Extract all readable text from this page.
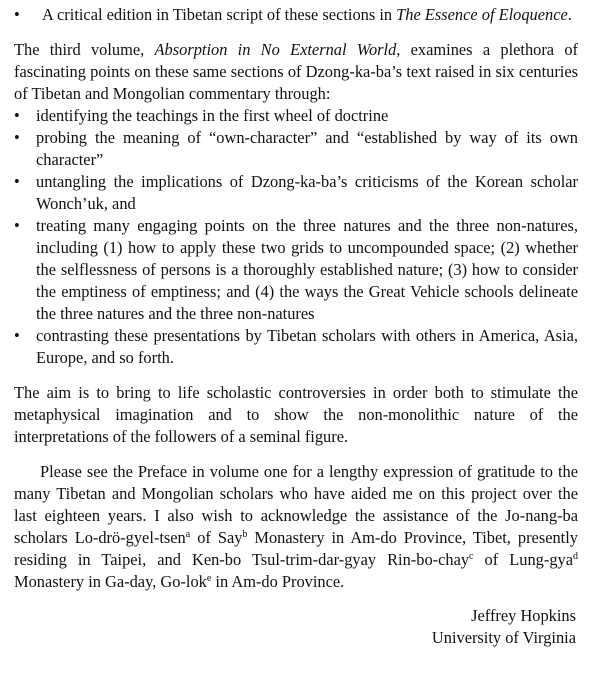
• A critical edition in Tibetan script of these sections in The Essence of Eloquence.

The third volume, Absorption in No External World, examines a plethora of fascinating points on these same sections of Dzong-ka-ba’s text raised in six centuries of Tibetan and Mongolian commentary through:

• identifying the teachings in the first wheel of doctrine
• probing the meaning of “own-character” and “established by way of its own character”
• untangling the implications of Dzong-ka-ba’s criticisms of the Korean scholar Wonch’uk, and
• treating many engaging points on the three natures and the three non-natures, including (1) how to apply these two grids to uncompounded space; (2) whether the selflessness of persons is a thoroughly established nature; (3) how to consider the emptiness of emptiness; and (4) the ways the Great Vehicle schools delineate the three natures and the three non-natures
• contrasting these presentations by Tibetan scholars with others in America, Asia, Europe, and so forth.

The aim is to bring to life scholastic controversies in order both to stimulate the metaphysical imagination and to show the non-monolithic nature of the interpretations of the followers of a seminal figure.

Please see the Preface in volume one for a lengthy expression of gratitude to the many Tibetan and Mongolian scholars who have aided me on this project over the last eighteen years. I also wish to acknowledge the assistance of the Jo-nang-ba scholars Lo-drö-gyel-tsen$^a$ of Say$^b$ Monastery in Am-do Province, Tibet, presently residing in Taipei, and Ken-bo Tsul-trim-dar-gyay Rin-bo-chay$^c$ of Lung-gya$^d$ Monastery in Ga-day, Go-lok$^e$ in Am-do Province.

Jeffrey Hopkins
University of Virginia
